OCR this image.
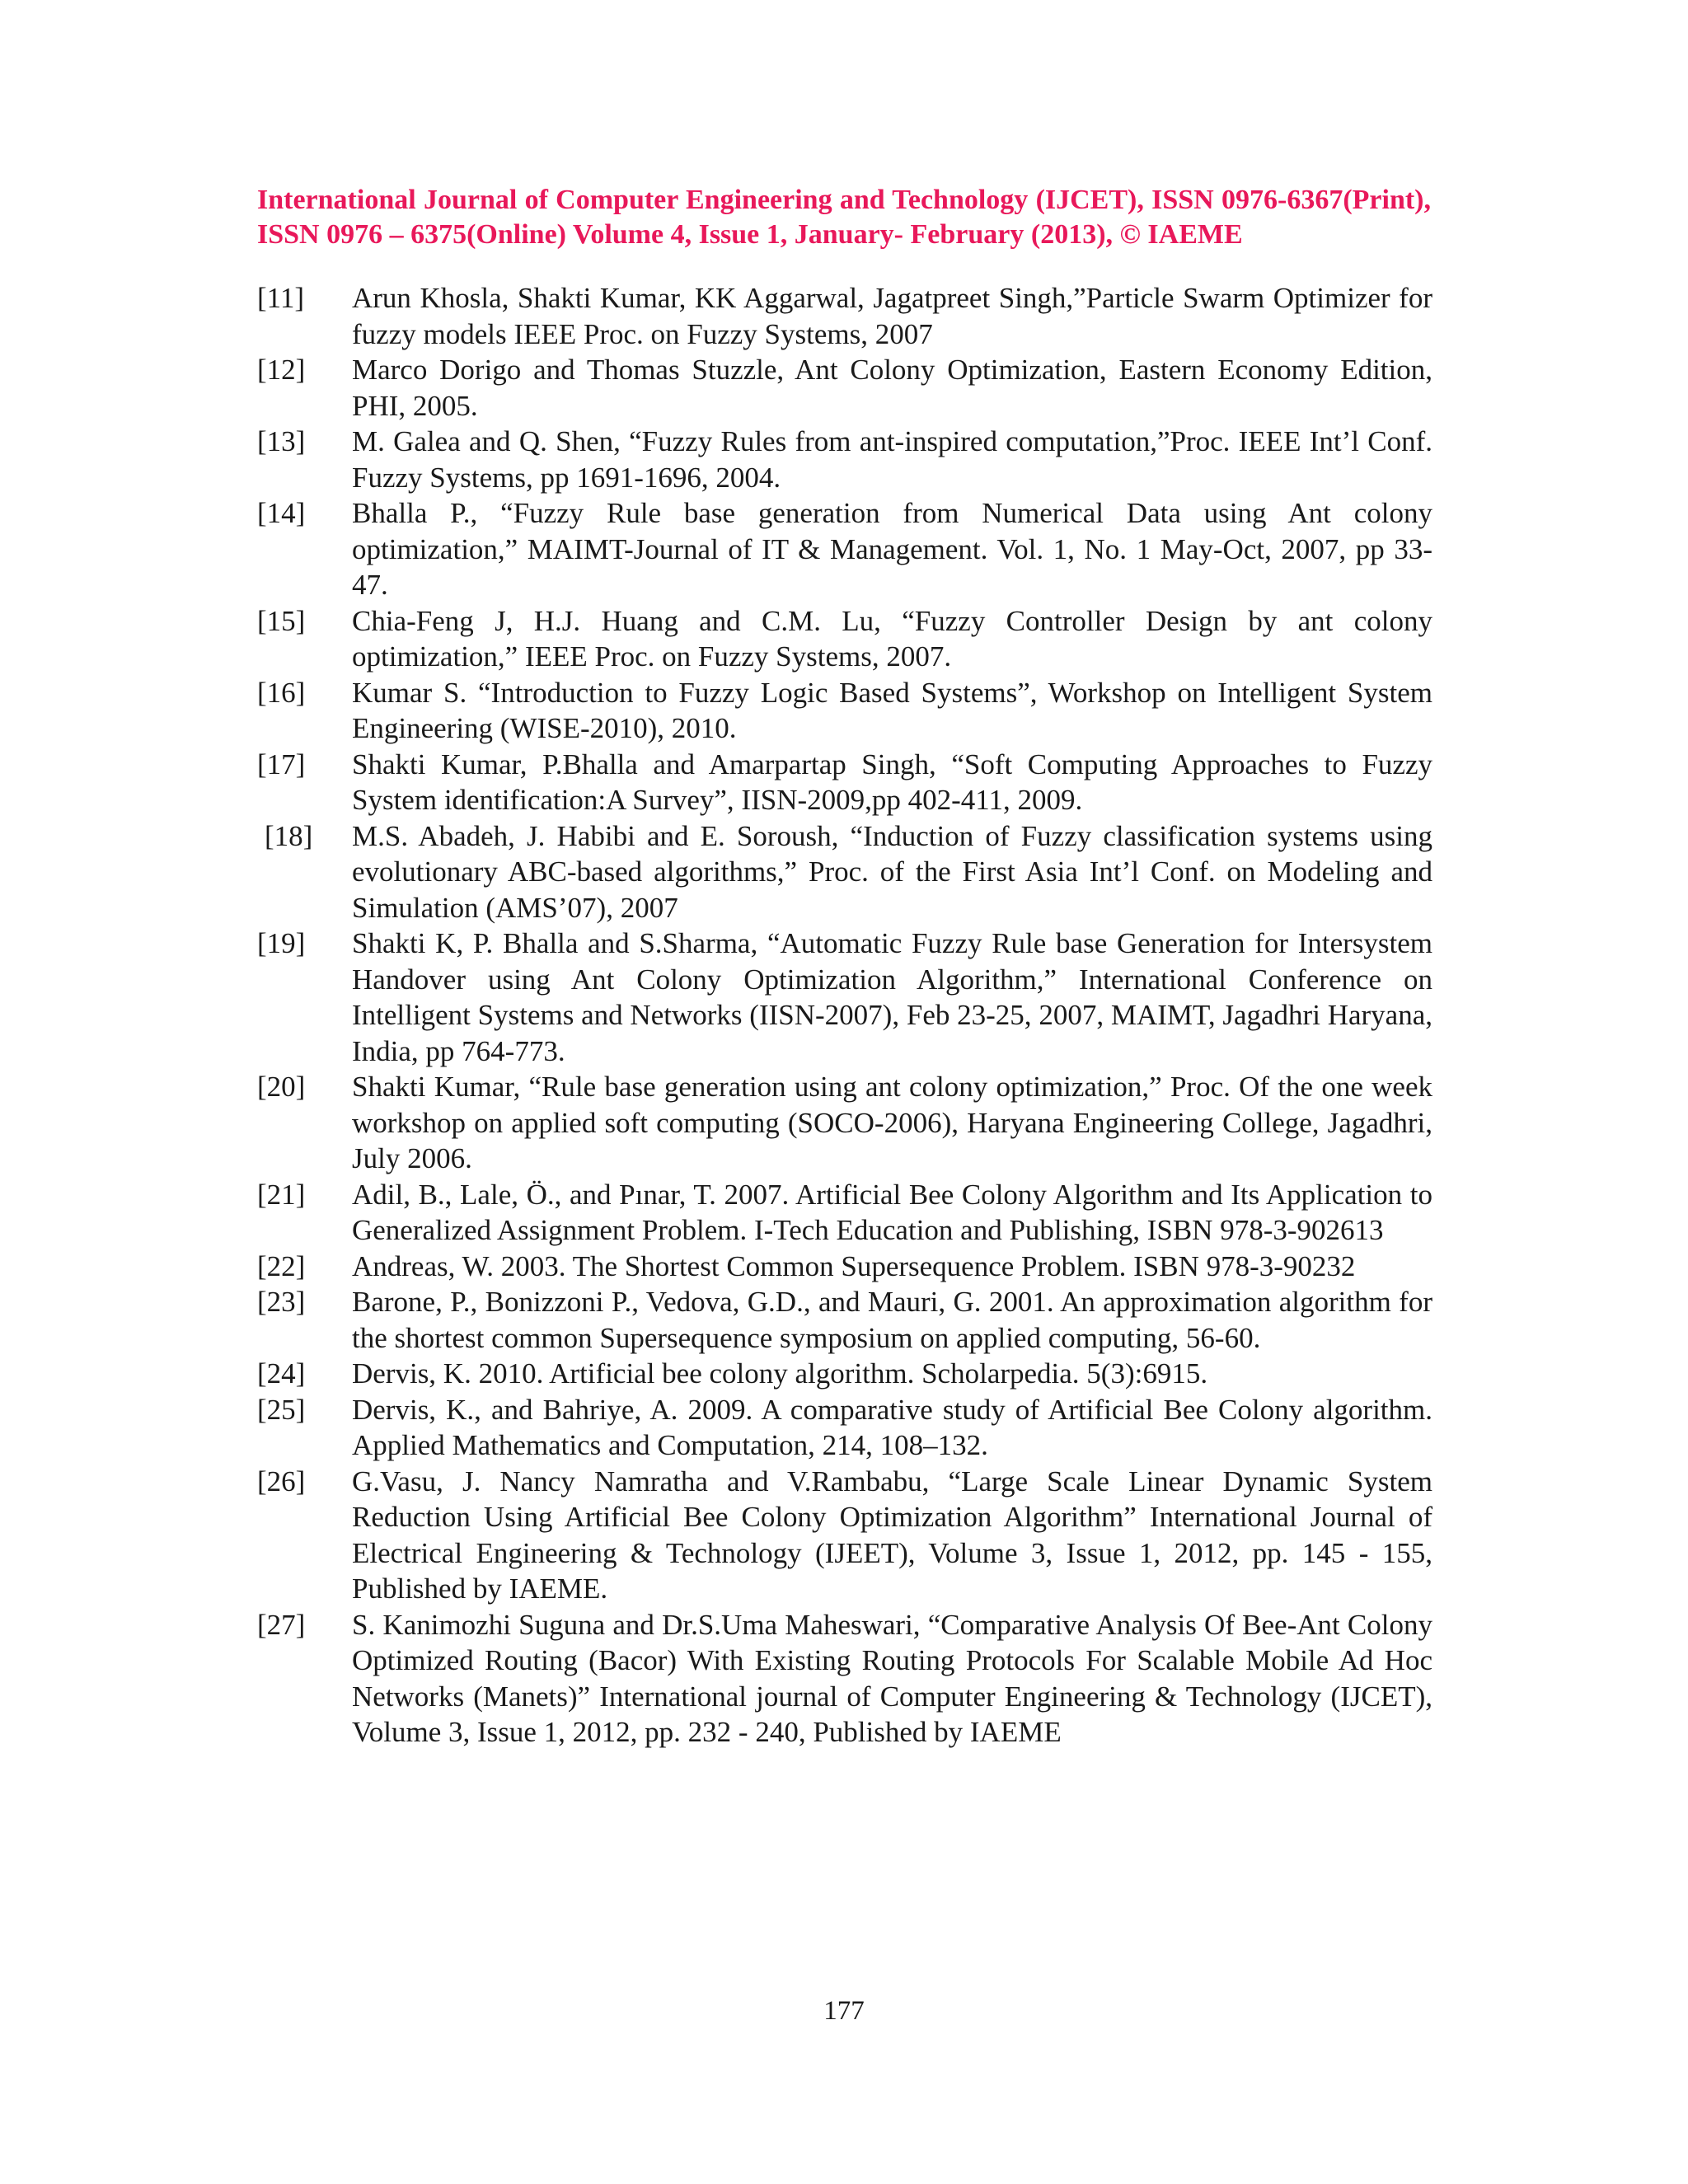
International Journal of Computer Engineering and Technology (IJCET), ISSN 0976-6367(Print), ISSN 0976 – 6375(Online) Volume 4, Issue 1, January- February (2013), © IAEME
[11] Arun Khosla, Shakti Kumar, KK Aggarwal, Jagatpreet Singh,”Particle Swarm Optimizer for fuzzy models IEEE Proc. on Fuzzy Systems, 2007
[12] Marco Dorigo and Thomas Stuzzle, Ant Colony Optimization, Eastern Economy Edition, PHI, 2005.
[13] M. Galea and Q. Shen, “Fuzzy Rules from ant-inspired computation,”Proc. IEEE Int’l Conf. Fuzzy Systems, pp 1691-1696, 2004.
[14] Bhalla P., “Fuzzy Rule base generation from Numerical Data using Ant colony optimization,” MAIMT-Journal of IT & Management. Vol. 1, No. 1 May-Oct, 2007, pp 33-47.
[15] Chia-Feng J, H.J. Huang and C.M. Lu, “Fuzzy Controller Design by ant colony optimization,” IEEE Proc. on Fuzzy Systems, 2007.
[16] Kumar S. “Introduction to Fuzzy Logic Based Systems”, Workshop on Intelligent System Engineering (WISE-2010), 2010.
[17] Shakti Kumar, P.Bhalla and Amarpartap Singh, “Soft Computing Approaches to Fuzzy System identification:A Survey”, IISN-2009,pp 402-411, 2009.
[18] M.S. Abadeh, J. Habibi and E. Soroush, “Induction of Fuzzy classification systems using evolutionary ABC-based algorithms,” Proc. of the First Asia Int’l Conf. on Modeling and Simulation (AMS’07), 2007
[19] Shakti K, P. Bhalla and S.Sharma, “Automatic Fuzzy Rule base Generation for Intersystem Handover using Ant Colony Optimization Algorithm,” International Conference on Intelligent Systems and Networks (IISN-2007), Feb 23-25, 2007, MAIMT, Jagadhri Haryana, India, pp 764-773.
[20] Shakti Kumar, “Rule base generation using ant colony optimization,” Proc. Of the one week workshop on applied soft computing (SOCO-2006), Haryana Engineering College, Jagadhri, July 2006.
[21] Adil, B., Lale, Ö., and Pınar, T. 2007. Artificial Bee Colony Algorithm and Its Application to Generalized Assignment Problem. I-Tech Education and Publishing, ISBN 978-3-902613
[22] Andreas, W. 2003. The Shortest Common Supersequence Problem. ISBN 978-3-90232
[23] Barone, P., Bonizzoni P., Vedova, G.D., and Mauri, G. 2001. An approximation algorithm for the shortest common Supersequence symposium on applied computing, 56-60.
[24] Dervis, K. 2010. Artificial bee colony algorithm. Scholarpedia. 5(3):6915.
[25] Dervis, K., and Bahriye, A. 2009. A comparative study of Artificial Bee Colony algorithm. Applied Mathematics and Computation, 214, 108–132.
[26] G.Vasu, J. Nancy Namratha and V.Rambabu, “Large Scale Linear Dynamic System Reduction Using Artificial Bee Colony Optimization Algorithm” International Journal of Electrical Engineering & Technology (IJEET), Volume 3, Issue 1, 2012, pp. 145 - 155, Published by IAEME.
[27] S. Kanimozhi Suguna and Dr.S.Uma Maheswari, “Comparative Analysis Of Bee-Ant Colony Optimized Routing (Bacor) With Existing Routing Protocols For Scalable Mobile Ad Hoc Networks (Manets)” International journal of Computer Engineering & Technology (IJCET), Volume 3, Issue 1, 2012, pp. 232 - 240, Published by IAEME
177
